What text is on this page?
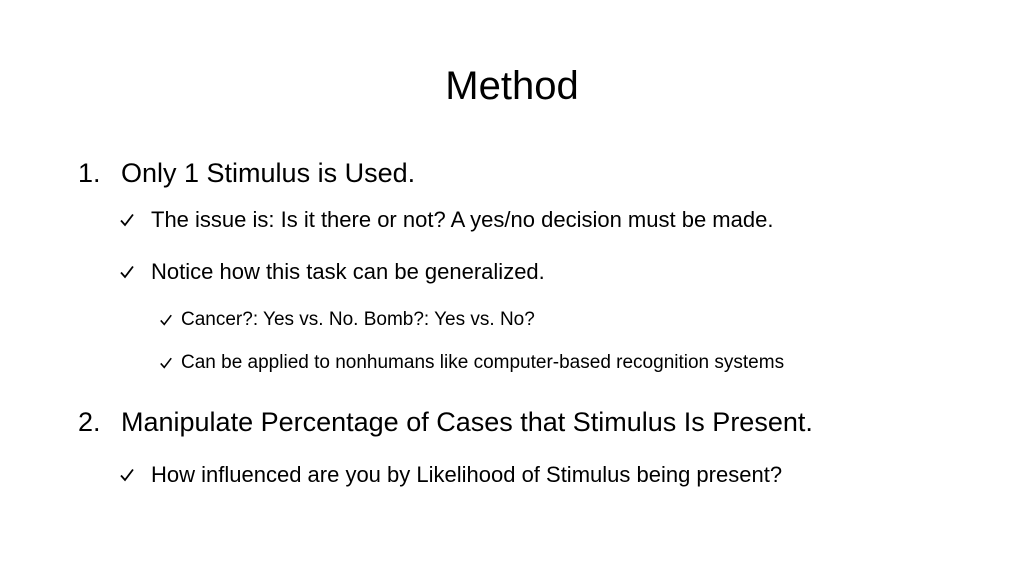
Method
1. Only 1 Stimulus is Used.
The issue is: Is it there or not? A yes/no decision must be made.
Notice how this task can be generalized.
Cancer?: Yes vs. No. Bomb?: Yes vs. No?
Can be applied to nonhumans like computer-based recognition systems
2. Manipulate Percentage of Cases that Stimulus Is Present.
How influenced are you by Likelihood of Stimulus being present?
